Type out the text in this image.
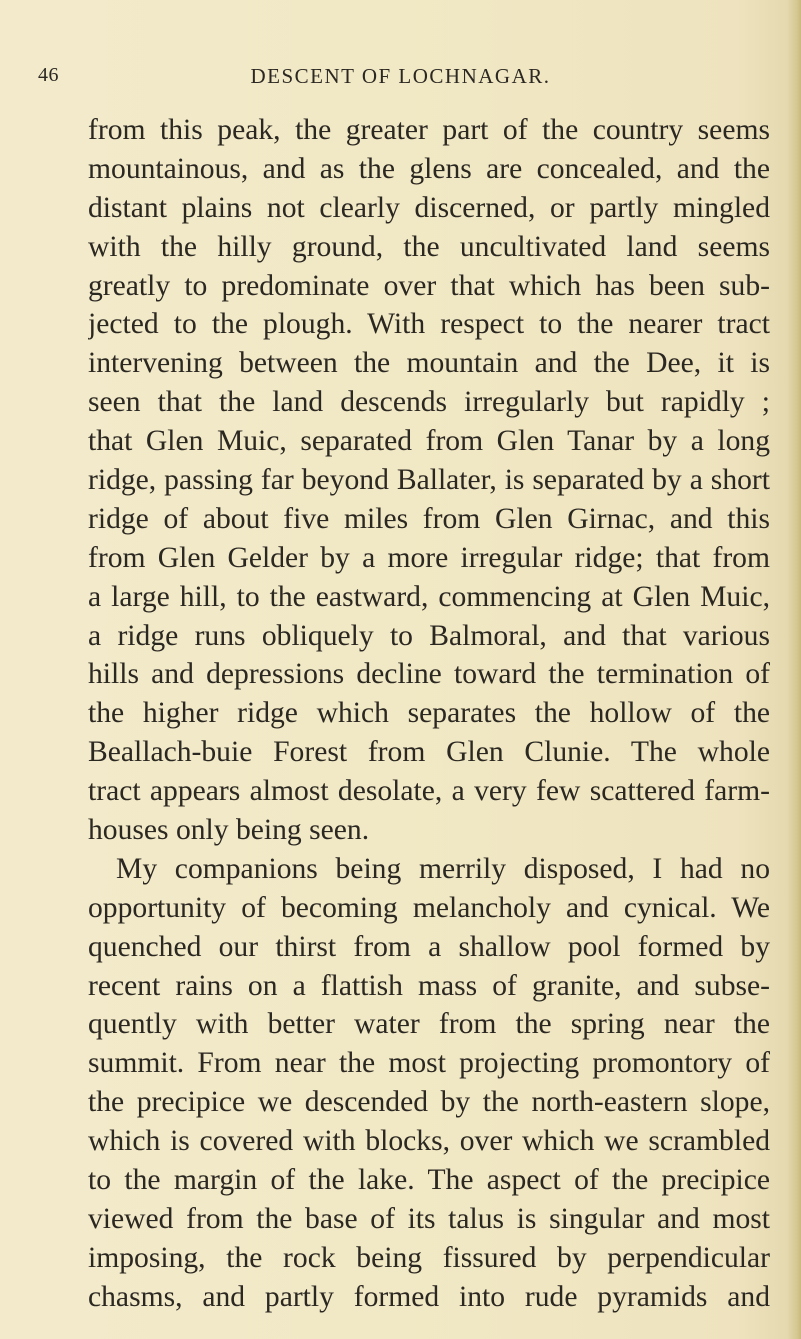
46	DESCENT OF LOCHNAGAR.
from this peak, the greater part of the country seems
mountainous, and as the glens are concealed, and the
distant plains not clearly discerned, or partly mingled
with the hilly ground, the uncultivated land seems
greatly to predominate over that which has been sub-
jected to the plough. With respect to the nearer tract
intervening between the mountain and the Dee, it is
seen that the land descends irregularly but rapidly ;
that Glen Muic, separated from Glen Tanar by a long
ridge, passing far beyond Ballater, is separated by a short
ridge of about five miles from Glen Girnac, and this
from Glen Gelder by a more irregular ridge; that from
a large hill, to the eastward, commencing at Glen Muic,
a ridge runs obliquely to Balmoral, and that various
hills and depressions decline toward the termination of
the higher ridge which separates the hollow of the
Beallach-buie Forest from Glen Clunie. The whole
tract appears almost desolate, a very few scattered farm-
houses only being seen.
My companions being merrily disposed, I had no
opportunity of becoming melancholy and cynical. We
quenched our thirst from a shallow pool formed by
recent rains on a flattish mass of granite, and subse-
quently with better water from the spring near the
summit. From near the most projecting promontory of
the precipice we descended by the north-eastern slope,
which is covered with blocks, over which we scrambled
to the margin of the lake. The aspect of the precipice
viewed from the base of its talus is singular and most
imposing, the rock being fissured by perpendicular
chasms, and partly formed into rude pyramids and
